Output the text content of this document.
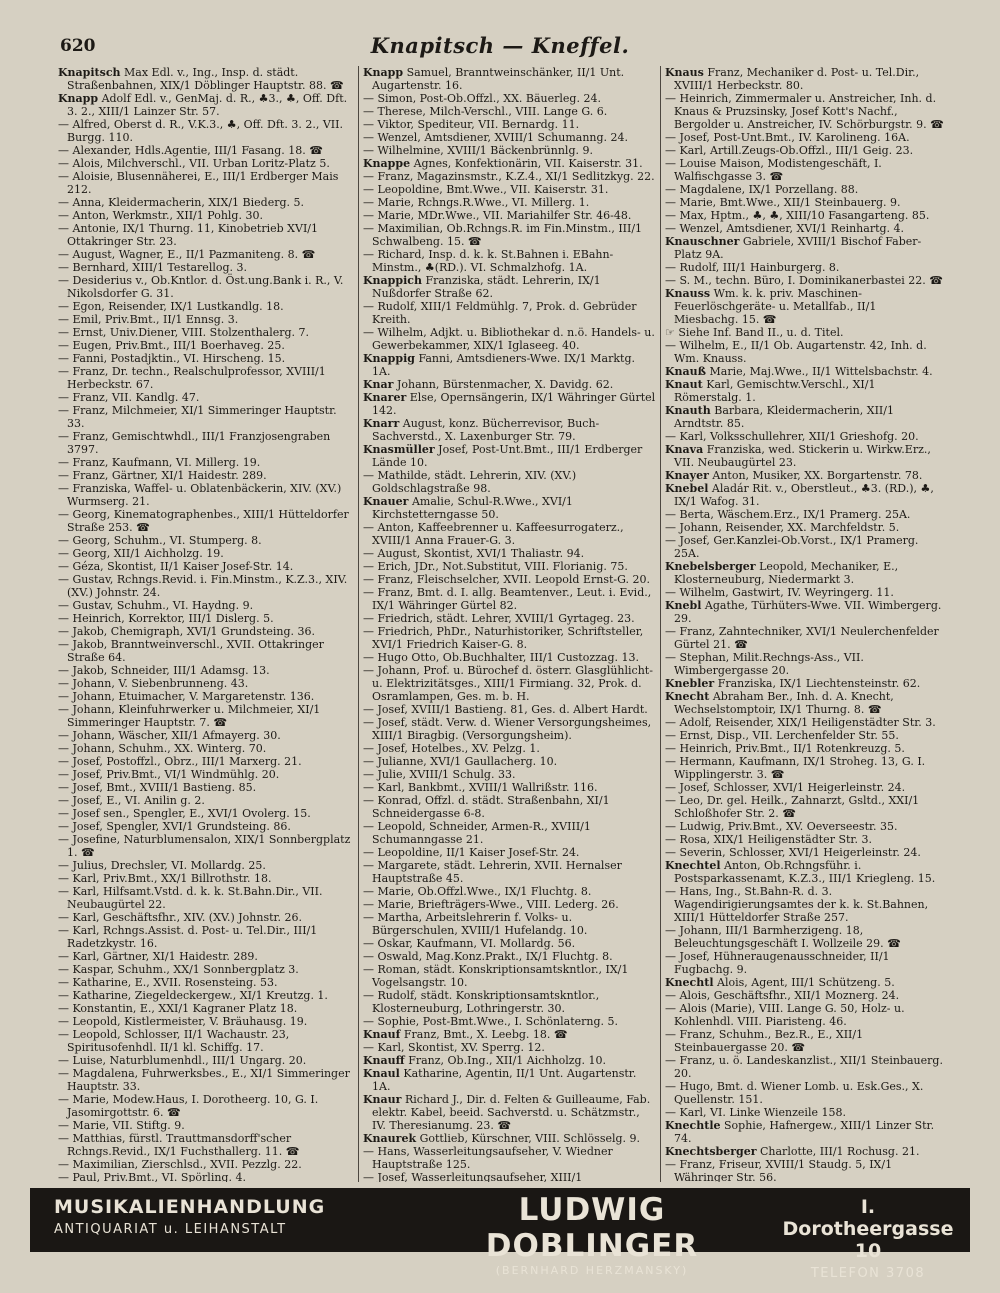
620	Knapitsch — Kneffel.

Knapitsch Max Edl. v., Ing., Insp. d. städt. Straßenbahnen, XIX/1 Döblinger Hauptstr. 88. ☎

Knapp Adolf Edl. v., GenMaj. d. R., ♣3., ♣, Off. Dft. 3. 2., XIII/1 Lainzer Str. 57.

— Alfred, Oberst d. R., V.K.3., ♣, Off. Dft. 3. 2., VII. Burgg. 110.

— Alexander, Hdls.Agentie, III/1 Fasang. 18. ☎

— Alois, Milchverschl., VII. Urban Loritz-Platz 5.

— Aloisie, Blusennäherei, E., III/1 Erdberger Mais 212.

— Anna, Kleidermacherin, XIX/1 Biederg. 5.

— Anton, Werkmstr., XII/1 Pohlg. 30.

— Antonie, IX/1 Thurng. 11, Kinobetrieb XVI/1 Ottakringer Str. 23.

— August, Wagner, E., II/1 Pazmaniteng. 8. ☎

— Bernhard, XIII/1 Testarellog. 3.

— Desiderius v., Ob.Kntlor. d. Öst.ung.Bank i. R., V. Nikolsdorfer G. 31.

— Egon, Reisender, IX/1 Lustkandlg. 18.

— Emil, Priv.Bmt., II/1 Ennsg. 3.

— Ernst, Univ.Diener, VIII. Stolzenthalerg. 7.

— Eugen, Priv.Bmt., III/1 Boerhaveg. 25.

— Fanni, Postadjktin., VI. Hirscheng. 15.

— Franz, Dr. techn., Realschulprofessor, XVIII/1 Herbeckstr. 67.

— Franz, VII. Kandlg. 47.

— Franz, Milchmeier, XI/1 Simmeringer Hauptstr. 33.

— Franz, Gemischtwhdl., III/1 Franzjosengraben 3797.

— Franz, Kaufmann, VI. Millerg. 19.

— Franz, Gärtner, XI/1 Haidestr. 289.

— Franziska, Waffel- u. Oblatenbäckerin, XIV. (XV.) Wurmserg. 21.

— Georg, Kinematographenbes., XIII/1 Hütteldorfer Straße 253. ☎

— Georg, Schuhm., VI. Stumperg. 8.

— Georg, XII/1 Aichholzg. 19.

— Géza, Skontist, II/1 Kaiser Josef-Str. 14.

— Gustav, Rchngs.Revid. i. Fin.Minstm., K.Z.3., XIV. (XV.) Johnstr. 24.

— Gustav, Schuhm., VI. Haydng. 9.

— Heinrich, Korrektor, III/1 Dislerg. 5.

— Jakob, Chemigraph, XVI/1 Grundsteing. 36.

— Jakob, Branntweinverschl., XVII. Ottakringer Straße 64.

— Jakob, Schneider, III/1 Adamsg. 13.

— Johann, V. Siebenbrunneng. 43.

— Johann, Etuimacher, V. Margaretenstr. 136.

— Johann, Kleinfuhrwerker u. Milchmeier, XI/1 Simmeringer Hauptstr. 7. ☎

— Johann, Wäscher, XII/1 Afmayerg. 30.

— Johann, Schuhm., XX. Winterg. 70.

— Josef, Postoffzl., Obrz., III/1 Marxerg. 21.

— Josef, Priv.Bmt., VI/1 Windmühlg. 20.

— Josef, Bmt., XVIII/1 Bastieng. 85.

— Josef, E., VI. Anilin g. 2.

— Josef sen., Spengler, E., XVI/1 Ovolerg. 15.

— Josef, Spengler, XVI/1 Grundsteing. 86.

— Josefine, Naturblumensalon, XIX/1 Sonnbergplatz 1. ☎

— Julius, Drechsler, VI. Mollardg. 25.

— Karl, Priv.Bmt., XX/1 Billrothstr. 18.

— Karl, Hilfsamt.Vstd. d. k. k. St.Bahn.Dir., VII. Neubaugürtel 22.

— Karl, Geschäftsfhr., XIV. (XV.) Johnstr. 26.

— Karl, Rchngs.Assist. d. Post- u. Tel.Dir., III/1 Radetzkystr. 16.

— Karl, Gärtner, XI/1 Haidestr. 289.

— Kaspar, Schuhm., XX/1 Sonnbergplatz 3.

— Katharine, E., XVII. Rosensteing. 53.

— Katharine, Ziegeldeckergew., XI/1 Kreutzg. 1.

— Konstantin, E., XXI/1 Kagraner Platz 18.

— Leopold, Kistlermeister, V. Bräuhausg. 19.

— Leopold, Schlosser, II/1 Wachaustr. 23, Spiritusofenhdl. II/1 kl. Schiffg. 17.

— Luise, Naturblumenhdl., III/1 Ungarg. 20.

— Magdalena, Fuhrwerksbes., E., XI/1 Simmeringer Hauptstr. 33.

— Marie, Modew.Haus, I. Dorotheerg. 10, G. I. Jasomirgottstr. 6. ☎

— Marie, VII. Stiftg. 9.

— Matthias, fürstl. Trauttmansdorff'scher Rchngs.Revid., IX/1 Fuchsthallerg. 11. ☎

— Maximilian, Zierschlsd., XVII. Pezzlg. 22.

— Paul, Priv.Bmt., VI. Spörling. 4.

Knapp Samuel, Branntweinschänker, II/1 Unt. Augartenstr. 16.

— Simon, Post-Ob.Offzl., XX. Bäuerleg. 24.

— Therese, Milch-Verschl., VIII. Lange G. 6.

— Viktor, Spediteur, VII. Bernardg. 11.

— Wenzel, Amtsdiener, XVIII/1 Schumanng. 24.

— Wilhelmine, XVIII/1 Bäckenbrünnlg. 9.

Knappe Agnes, Konfektionärin, VII. Kaiserstr. 31.

— Franz, Magazinsmstr., K.Z.4., XI/1 Sedlitzkyg. 22.

— Leopoldine, Bmt.Wwe., VII. Kaiserstr. 31.

— Marie, Rchngs.R.Wwe., VI. Millerg. 1.

— Marie, MDr.Wwe., VII. Mariahilfer Str. 46-48.

— Maximilian, Ob.Rchngs.R. im Fin.Minstm., III/1 Schwalbeng. 15. ☎

— Richard, Insp. d. k. k. St.Bahnen i. EBahn-Minstm., ♣(RD.). VI. Schmalzhofg. 1A.

Knappich Franziska, städt. Lehrerin, IX/1 Nußdorfer Straße 62.

— Rudolf, XIII/1 Feldmühlg. 7, Prok. d. Gebrüder Kreith.

— Wilhelm, Adjkt. u. Bibliothekar d. n.ö. Handels- u. Gewerbekammer, XIX/1 Iglaseeg. 40.

Knappig Fanni, Amtsdieners-Wwe. IX/1 Marktg. 1A.

Knar Johann, Bürstenmacher, X. Davidg. 62.

Knarer Else, Opernsängerin, IX/1 Währinger Gürtel 142.

Knarr August, konz. Bücherrevisor, Buch-Sachverstd., X. Laxenburger Str. 79.

Knasmüller Josef, Post-Unt.Bmt., III/1 Erdberger Lände 10.

— Mathilde, städt. Lehrerin, XIV. (XV.) Goldschlagstraße 98.

Knauer Amalie, Schul-R.Wwe., XVI/1 Kirchstetterngasse 50.

— Anton, Kaffeebrenner u. Kaffeesurrogaterz., XVIII/1 Anna Frauer-G. 3.

— August, Skontist, XVI/1 Thaliastr. 94.

— Erich, JDr., Not.Substitut, VIII. Florianig. 75.

— Franz, Fleischselcher, XVII. Leopold Ernst-G. 20.

— Franz, Bmt. d. I. allg. Beamtenver., Leut. i. Evid., IX/1 Währinger Gürtel 82.

— Friedrich, städt. Lehrer, XVIII/1 Gyrtageg. 23.

— Friedrich, PhDr., Naturhistoriker, Schriftsteller, XVI/1 Friedrich Kaiser-G. 8.

— Hugo Otto, Ob.Buchhalter, III/1 Custozzag. 13.

— Johann, Prof. u. Bürochef d. österr. Glasglühlicht- u. Elektrizitätsges., XIII/1 Firmiang. 32, Prok. d. Osramlampen, Ges. m. b. H.

— Josef, XVIII/1 Bastieng. 81, Ges. d. Albert Hardt.

— Josef, städt. Verw. d. Wiener Versorgungsheimes, XIII/1 Biragbig. (Versorgungsheim).

— Josef, Hotelbes., XV. Pelzg. 1.

— Julianne, XVI/1 Gaullacherg. 10.

— Julie, XVIII/1 Schulg. 33.

— Karl, Bankbmt., XVIII/1 Wallrißstr. 116.

— Konrad, Offzl. d. städt. Straßenbahn, XI/1 Schneidergasse 6-8.

— Leopold, Schneider, Armen-R., XVIII/1 Schumanngasse 21.

— Leopoldine, II/1 Kaiser Josef-Str. 24.

— Margarete, städt. Lehrerin, XVII. Hernalser Hauptstraße 45.

— Marie, Ob.Offzl.Wwe., IX/1 Fluchtg. 8.

— Marie, Briefträgers-Wwe., VIII. Lederg. 26.

— Martha, Arbeitslehrerin f. Volks- u. Bürgerschulen, XVIII/1 Hufelandg. 10.

— Oskar, Kaufmann, VI. Mollardg. 56.

— Oswald, Mag.Konz.Prakt., IX/1 Fluchtg. 8.

— Roman, städt. Konskriptionsamtskntlor., IX/1 Vogelsangstr. 10.

— Rudolf, städt. Konskriptionsamtskntlor., Klosterneuburg, Lothringerstr. 30.

— Sophie, Post-Bmt.Wwe., I. Schönlaterng. 5.

Knauf Franz, Bmt., X. Leebg. 18. ☎

— Karl, Skontist, XV. Sperrg. 12.

Knauff Franz, Ob.Ing., XII/1 Aichholzg. 10.

Knaul Katharine, Agentin, II/1 Unt. Augartenstr. 1A.

Knaur Richard J., Dir. d. Felten & Guilleaume, Fab. elektr. Kabel, beeid. Sachverstd. u. Schätzmstr., IV. Theresianumg. 23. ☎

Knaurek Gottlieb, Kürschner, VIII. Schlösselg. 9.

— Hans, Wasserleitungsaufseher, V. Wiedner Hauptstraße 125.

— Josef, Wasserleitungsaufseher, XIII/1

Knaus Franz, Mechaniker d. Post- u. Tel.Dir., XVIII/1 Herbeckstr. 80.

— Heinrich, Zimmermaler u. Anstreicher, Inh. d. Knaus & Pruzsinsky, Josef Kott's Nachf., Bergolder u. Anstreicher, IV. Schörburgstr. 9. ☎

— Josef, Post-Unt.Bmt., IV. Karolineng. 16A.

— Karl, Artill.Zeugs-Ob.Offzl., III/1 Geig. 23.

— Louise Maison, Modistengeschäft, I. Walfischgasse 3. ☎

— Magdalene, IX/1 Porzellang. 88.

— Marie, Bmt.Wwe., XII/1 Steinbauerg. 9.

— Max, Hptm., ♣, ♣, XIII/10 Fasangarteng. 85.

— Wenzel, Amtsdiener, XVI/1 Reinhartg. 4.

Knauschner Gabriele, XVIII/1 Bischof Faber-Platz 9A.

— Rudolf, III/1 Hainburgerg. 8.

— S. M., techn. Büro, I. Dominikanerbastei 22. ☎

Knauss Wm. k. k. priv. Maschinen-Feuerlöschgeräte- u. Metallfab., II/1 Miesbachg. 15. ☎

☞ Siehe Inf. Band II., u. d. Titel.

— Wilhelm, E., II/1 Ob. Augartenstr. 42, Inh. d. Wm. Knauss.

Knauß Marie, Maj.Wwe., II/1 Wittelsbachstr. 4.

Knaut Karl, Gemischtw.Verschl., XI/1 Römerstalg. 1.

Knauth Barbara, Kleidermacherin, XII/1 Arndtstr. 85.

— Karl, Volksschullehrer, XII/1 Grieshofg. 20.

Knava Franziska, wed. Stickerin u. Wirkw.Erz., VII. Neubaugürtel 23.

Knayer Anton, Musiker, XX. Borgartenstr. 78.

Knebel Aladár Rit. v., Oberstleut., ♣3. (RD.), ♣, IX/1 Wafog. 31.

— Berta, Wäschem.Erz., IX/1 Pramerg. 25A.

— Johann, Reisender, XX. Marchfeldstr. 5.

— Josef, Ger.Kanzlei-Ob.Vorst., IX/1 Pramerg. 25A.

Knebelsberger Leopold, Mechaniker, E., Klosterneuburg, Niedermarkt 3.

— Wilhelm, Gastwirt, IV. Weyringerg. 11.

Knebl Agathe, Türhüters-Wwe. VII. Wimbergerg. 29.

— Franz, Zahntechniker, XVI/1 Neulerchenfelder Gürtel 21. ☎

— Stephan, Milit.Rechngs-Ass., VII. Wimbergergasse 20.

Knebler Franziska, IX/1 Liechtensteinstr. 62.

Knecht Abraham Ber., Inh. d. A. Knecht, Wechselstomptoir, IX/1 Thurng. 8. ☎

— Adolf, Reisender, XIX/1 Heiligenstädter Str. 3.

— Ernst, Disp., VII. Lerchenfelder Str. 55.

— Heinrich, Priv.Bmt., II/1 Rotenkreuzg. 5.

— Hermann, Kaufmann, IX/1 Stroheg. 13, G. I. Wipplingerstr. 3. ☎

— Josef, Schlosser, XVI/1 Heigerleinstr. 24.

— Leo, Dr. gel. Heilk., Zahnarzt, Gsltd., XXI/1 Schloßhofer Str. 2. ☎

— Ludwig, Priv.Bmt., XV. Oeverseestr. 35.

— Rosa, XIX/1 Heiligenstädter Str. 3.

— Severin, Schlosser, XVI/1 Heigerleinstr. 24.

Knechtel Anton, Ob.Rchngsführ. i. Postsparkassenamt, K.Z.3., III/1 Kriegleng. 15.

— Hans, Ing., St.Bahn-R. d. 3. Wagendirigierungsamtes der k. k. St.Bahnen, XIII/1 Hütteldorfer Straße 257.

— Johann, III/1 Barmherzigeng. 18, Beleuchtungsgeschäft I. Wollzeile 29. ☎

— Josef, Hühneraugenausschneider, II/1 Fugbachg. 9.

Knechtl Alois, Agent, III/1 Schützeng. 5.

— Alois, Geschäftsfhr., XII/1 Moznerg. 24.

— Alois (Marie), VIII. Lange G. 50, Holz- u. Kohlenhdl. VIII. Piaristeng. 46.

— Franz, Schuhm., Bez.R., E., XII/1 Steinbauergasse 20. ☎

— Franz, u. ö. Landeskanzlist., XII/1 Steinbauerg. 20.

— Hugo, Bmt. d. Wiener Lomb. u. Esk.Ges., X. Quellenstr. 151.

— Karl, VI. Linke Wienzeile 158.

Knechtle Sophie, Hafnergew., XIII/1 Linzer Str. 74.

Knechtsberger Charlotte, III/1 Rochusg. 21.

— Franz, Friseur, XVIII/1 Staudg. 5, IX/1 Währinger Str. 56.

MUSIKALIENHANDLUNG
ANTIQUARIAT u. LEIHANSTALT
LUDWIG DOBLINGER
(BERNHARD HERZMANSKY)
I. Dorotheergasse 10
TELEFON 3708
